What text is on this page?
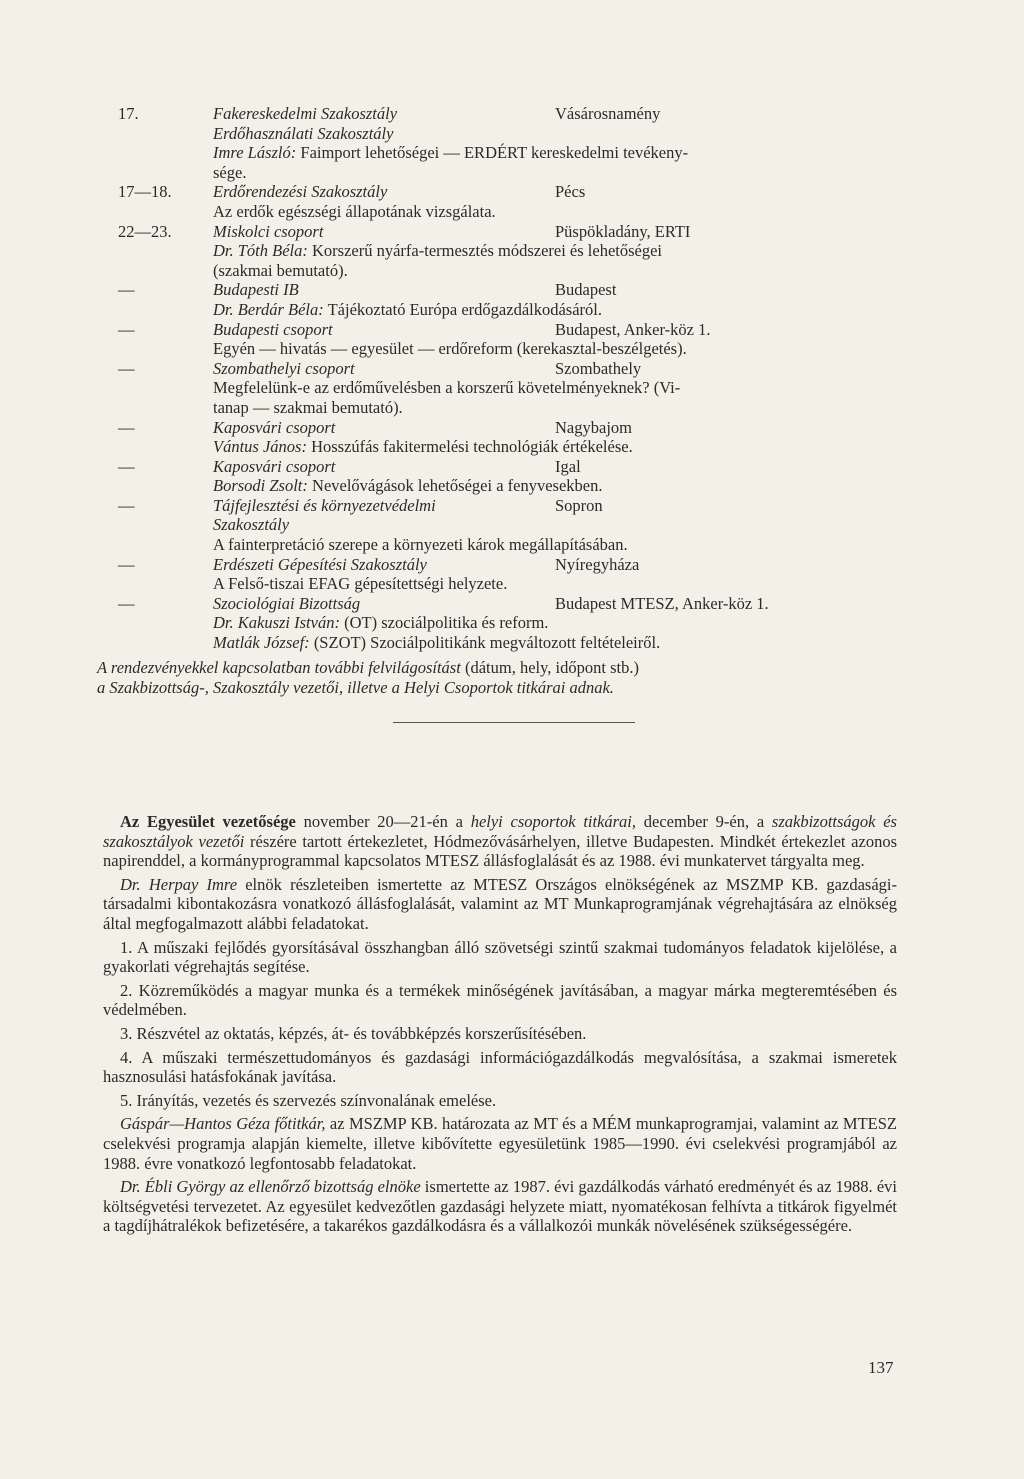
17.	Fakereskedelmi Szakosztály	Vásárosnamény
Erdőhasználati Szakosztály
Imre László: Faimport lehetőségei — ERDÉRT kereskedelmi tevékeny-
sége.
17—18.	Erdőrendezési Szakosztály	Pécs
Az erdők egészségi állapotának vizsgálata.
22—23.	Miskolci csoport	Püspökladány, ERTI
Dr. Tóth Béla: Korszerű nyárfa-termesztés módszerei és lehetőségei
(szakmai bemutató).
—	Budapesti IB	Budapest
Dr. Berdár Béla: Tájékoztató Európa erdőgazdálkodásáról.
—	Budapesti csoport	Budapest, Anker-köz 1.
Egyén — hivatás — egyesület — erdőreform (kerekasztal-beszélgetés).
—	Szombathelyi csoport	Szombathely
Megfelelünk-e az erdőművelésben a korszerű követelményeknek? (Vi-
tanap — szakmai bemutató).
—	Kaposvári csoport	Nagybajom
Vántus János: Hosszúfás fakitermelési technológiák értékelése.
—	Kaposvári csoport	Igal
Borsodi Zsolt: Nevelővágások lehetőségei a fenyvesekben.
—	Tájfejlesztési és környezetvédelmi	Sopron
Szakosztály
A fainterpretáció szerepe a környezeti károk megállapításában.
—	Erdészeti Gépesítési Szakosztály	Nyíregyháza
A Felső-tiszai EFAG gépesítettségi helyzete.
—	Szociológiai Bizottság	Budapest MTESZ, Anker-köz 1.
Dr. Kakuszi István: (OT) szociálpolitika és reform.
Matlák József: (SZOT) Szociálpolitikánk megváltozott feltételeiről.
A rendezvényekkel kapcsolatban további felvilágosítást (dátum, hely, időpont stb.)
a Szakbizottság-, Szakosztály vezetői, illetve a Helyi Csoportok titkárai adnak.

Az Egyesület vezetősége november 20—21-én a helyi csoportok titkárai, december 9-én, a szakbizottságok és szakosztályok vezetői részére tartott értekezletet, Hódmezővásárhelyen, illetve Budapesten. Mindkét értekezlet azonos napirenddel, a kormányprogrammal kapcsolatos MTESZ állásfoglalását és az 1988. évi munkatervet tárgyalta meg.

Dr. Herpay Imre elnök részleteiben ismertette az MTESZ Országos elnökségének az MSZMP KB. gazdasági- társadalmi kibontakozásra vonatkozó állásfoglalását, valamint az MT Munkaprogramjának végrehajtására az elnökség által megfogalmazott alábbi feladatokat.

1. A műszaki fejlődés gyorsításával összhangban álló szövetségi szintű szakmai tudományos feladatok kijelölése, a gyakorlati végrehajtás segítése.

2. Közreműködés a magyar munka és a termékek minőségének javításában, a magyar márka megteremtésében és védelmében.

3. Részvétel az oktatás, képzés, át- és továbbképzés korszerűsítésében.

4. A műszaki természettudományos és gazdasági információgazdálkodás megvalósítása, a szakmai ismeretek hasznosulási hatásfokának javítása.

5. Irányítás, vezetés és szervezés színvonalának emelése.

Gáspár—Hantos Géza főtitkár, az MSZMP KB. határozata az MT és a MÉM munkaprogramjai, valamint az MTESZ cselekvési programja alapján kiemelte, illetve kibővítette egyesületünk 1985—1990. évi cselekvési programjából az 1988. évre vonatkozó legfontosabb feladatokat.

Dr. Ébli György az ellenőrző bizottság elnöke ismertette az 1987. évi gazdálkodás várható eredményét és az 1988. évi költségvetési tervezetet. Az egyesület kedvezőtlen gazdasági helyzete miatt, nyomatékosan felhívta a titkárok figyelmét a tagdíjhátralékok befizetésére, a takarékos gazdálkodásra és a vállalkozói munkák növelésének szükségességére.

137
